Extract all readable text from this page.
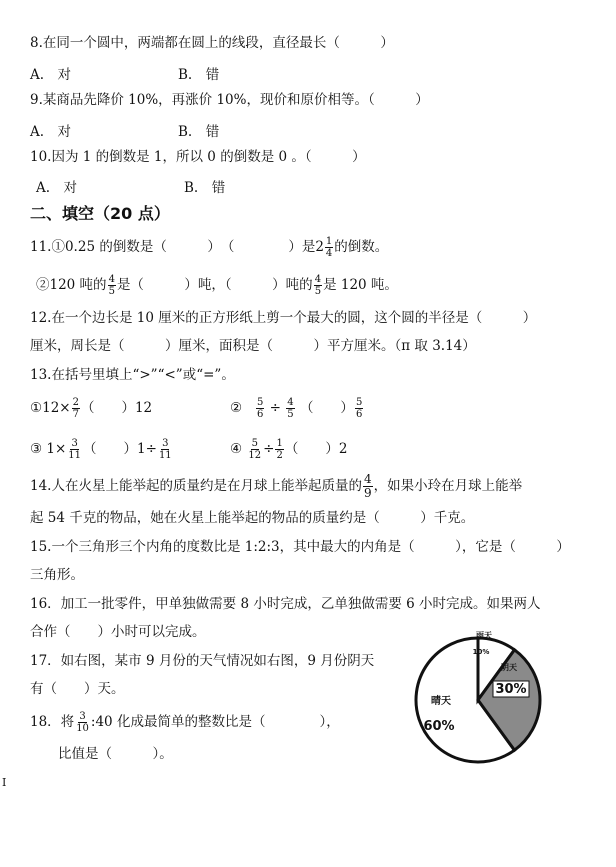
8.在同一个圆中，两端都在圆上的线段，直径最长（　　　）
A.　对	B.　错
9.某商品先降价 10%，再涨价 10%，现价和原价相等。（　　　）
A.　对	B.　错
10.因为 1 的倒数是 1，所以 0 的倒数是 0 。（　　　）
A.　对	B.　错
二、填空（20 点）
11.①0.25 的倒数是（　　　）　（　　　　）是$2 \frac{1}{4}$ 的倒数。
②120 吨的 $\frac{4}{5}$ 是（　　　）吨，（　　　）吨的 $\frac{4}{5}$ 是 120 吨。
12.在一个边长是 10 厘米的正方形纸上剪一个最大的圆，这个圆的半径是（　　　）
厘米，周长是（　　　）厘米，面积是（　　　）平方厘米。（π 取 3.14）
13.在括号里填上“>”“<”或“=”。
①12× $\frac{2}{7}$ （　　）12	② $\frac{5}{6} \div \frac{4}{5}$ （　　） $\frac{5}{6}$
③ $1\times \frac{3}{11}$ （　　）$1\div \frac{3}{11}$	④ $\frac{5}{12} \div \frac{1}{2}$ （　　）2
14.人在火星上能举起的质量约是在月球上能举起质量的 $\frac{4}{9}$ ，如果小玲在月球上能举
起 54 千克的物品，她在火星上能举起的物品的质量约是（　　　）千克。
15.一个三角形三个内角的度数比是 1:2:3，其中最大的内角是（　　　），它是（　　　）
三角形。
16．加工一批零件，甲单独做需要 8 小时完成，乙单独做需要 6 小时完成。如果两人
合作（　　）小时可以完成。
17．如右图，某市 9 月份的天气情况如右图，9 月份阴天
有（　　）天。
18．将 $\frac{3}{10}$ :40 化成最简单的整数比是（　　　　），
比值是（　　　）。
晴天
60%
雨天
10%
阴天
30%
I
